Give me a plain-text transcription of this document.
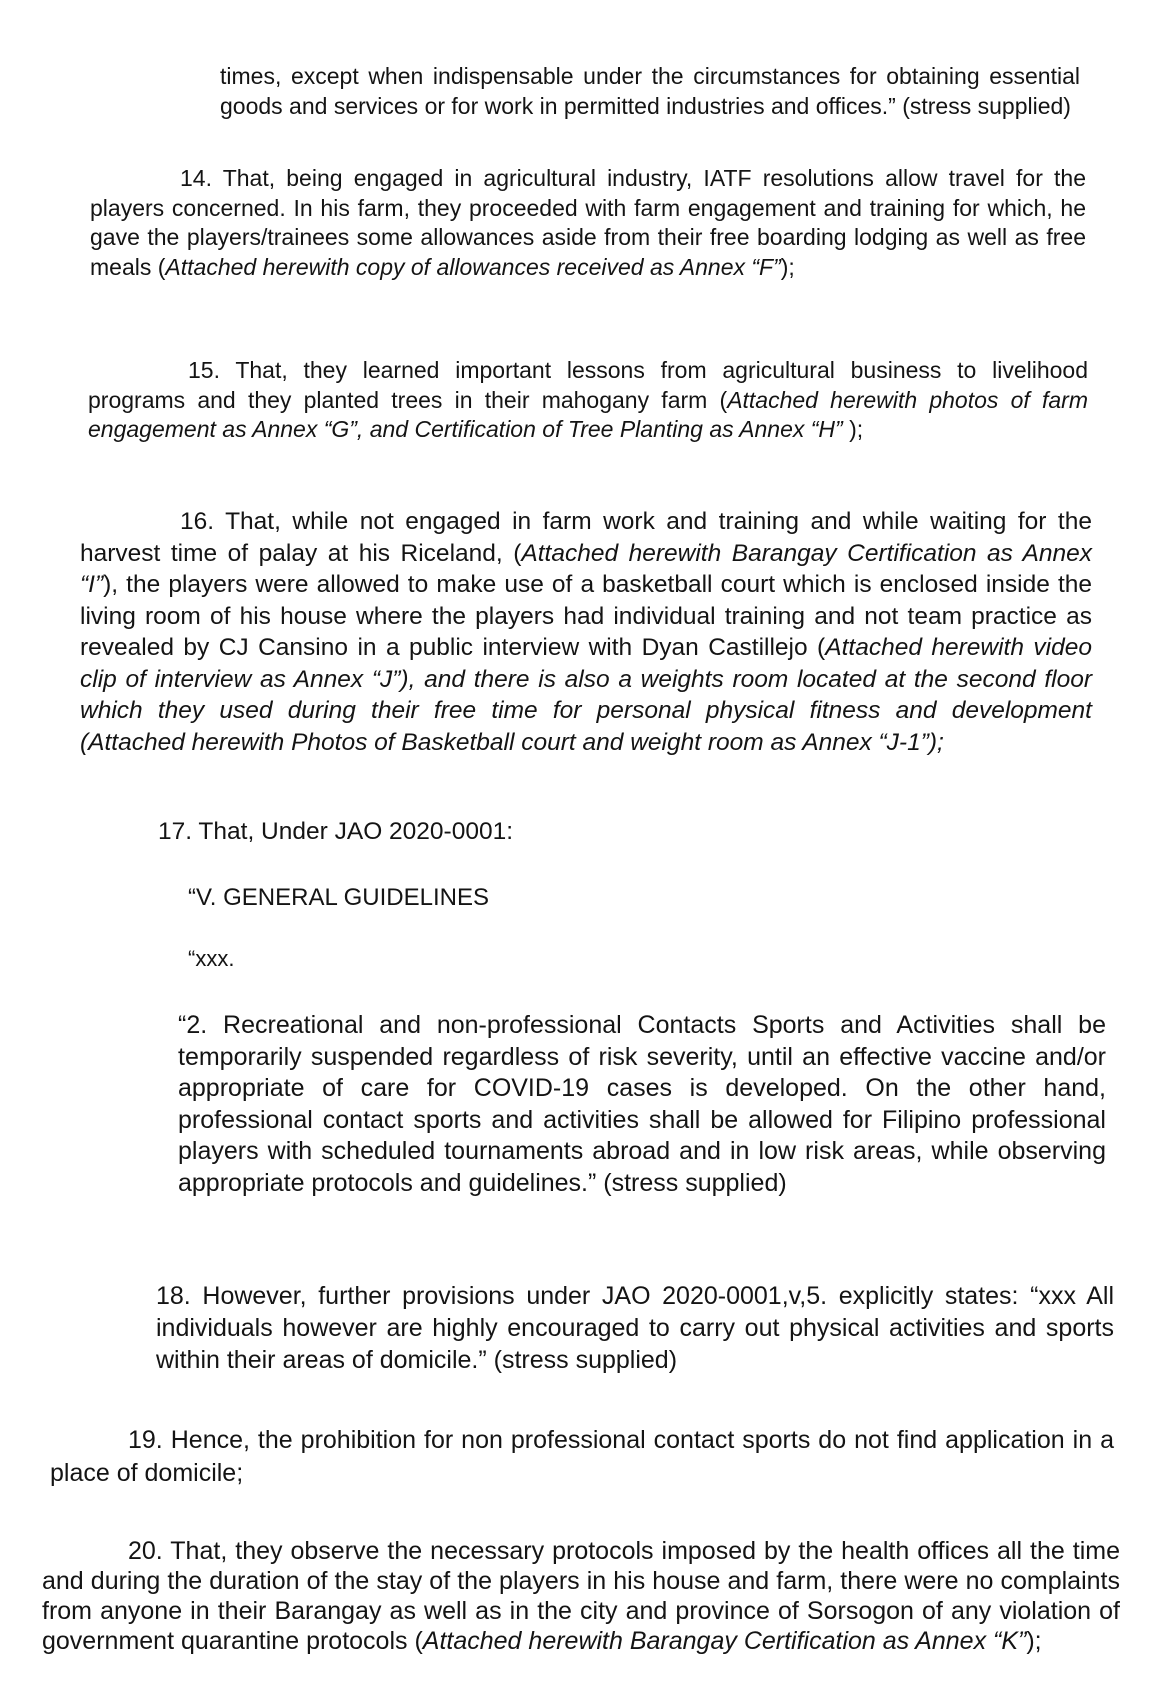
times, except when indispensable under the circumstances for obtaining essential goods and services or for work in permitted industries and offices.” (stress supplied)

14. That, being engaged in agricultural industry, IATF resolutions allow travel for the players concerned. In his farm, they proceeded with farm engagement and training for which, he gave the players/trainees some allowances aside from their free boarding lodging as well as free meals (Attached herewith copy of allowances received as Annex “F”);

15. That, they learned important lessons from agricultural business to livelihood programs and they planted trees in their mahogany farm (Attached herewith photos of farm engagement as Annex “G”, and Certification of Tree Planting as Annex “H” );

16. That, while not engaged in farm work and training and while waiting for the harvest time of palay at his Riceland, (Attached herewith Barangay Certification as Annex “I”), the players were allowed to make use of a basketball court which is enclosed inside the living room of his house where the players had individual training and not team practice as revealed by CJ Cansino in a public interview with Dyan Castillejo (Attached herewith video clip of interview as Annex “J”), and there is also a weights room located at the second floor which they used during their free time for personal physical fitness and development (Attached herewith Photos of Basketball court and weight room as Annex “J-1”);

17. That, Under JAO 2020-0001:

“V. GENERAL GUIDELINES

“xxx.

“2. Recreational and non-professional Contacts Sports and Activities shall be temporarily suspended regardless of risk severity, until an effective vaccine and/or appropriate of care for COVID-19 cases is developed. On the other hand, professional contact sports and activities shall be allowed for Filipino professional players with scheduled tournaments abroad and in low risk areas, while observing appropriate protocols and guidelines.” (stress supplied)

18. However, further provisions under JAO 2020-0001,v,5. explicitly states: “xxx All individuals however are highly encouraged to carry out physical activities and sports within their areas of domicile.” (stress supplied)

19. Hence, the prohibition for non professional contact sports do not find application in a place of domicile;

20. That, they observe the necessary protocols imposed by the health offices all the time and during the duration of the stay of the players in his house and farm, there were no complaints from anyone in their Barangay as well as in the city and province of Sorsogon of any violation of government quarantine protocols (Attached herewith Barangay Certification as Annex “K”);
